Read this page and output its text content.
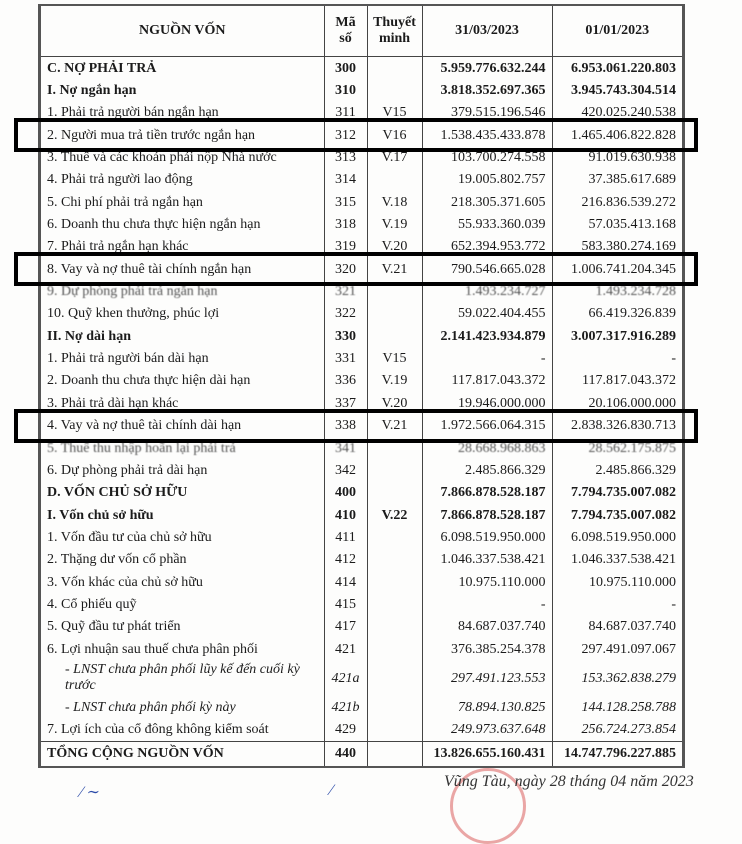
NGUỒN VỐN	Mã số	Thuyết minh	31/03/2023	01/01/2023
C. NỢ PHẢI TRẢ	300		5.959.776.632.244	6.953.061.220.803
I. Nợ ngắn hạn	310		3.818.352.697.365	3.945.743.304.514
1. Phải trả người bán ngắn hạn	311	V15	379.515.196.546	420.025.240.538
2. Người mua trả tiền trước ngắn hạn	312	V16	1.538.435.433.878	1.465.406.822.828
3. Thuế và các khoản phải nộp Nhà nước	313	V.17	103.700.274.558	91.019.630.938
4. Phải trả người lao động	314		19.005.802.757	37.385.617.689
5. Chi phí phải trả ngắn hạn	315	V.18	218.305.371.605	216.836.539.272
6. Doanh thu chưa thực hiện ngắn hạn	318	V.19	55.933.360.039	57.035.413.168
7. Phải trả ngắn hạn khác	319	V.20	652.394.953.772	583.380.274.169
8. Vay và nợ thuê tài chính ngắn hạn	320	V.21	790.546.665.028	1.006.741.204.345
9. Dự phòng phải trả ngắn hạn	321		1.493.234.727	1.493.234.728
10. Quỹ khen thưởng, phúc lợi	322		59.022.404.455	66.419.326.839
II. Nợ dài hạn	330		2.141.423.934.879	3.007.317.916.289
1. Phải trả người bán dài hạn	331	V15	-	-
2. Doanh thu chưa thực hiện dài hạn	336	V.19	117.817.043.372	117.817.043.372
3. Phải trả dài hạn khác	337	V.20	19.946.000.000	20.106.000.000
4. Vay và nợ thuê tài chính dài hạn	338	V.21	1.972.566.064.315	2.838.326.830.713
5. Thuế thu nhập hoãn lại phải trả	341		28.668.968.863	28.562.175.875
6. Dự phòng phải trả dài hạn	342		2.485.866.329	2.485.866.329
D. VỐN CHỦ SỞ HỮU	400		7.866.878.528.187	7.794.735.007.082
I. Vốn chủ sở hữu	410	V.22	7.866.878.528.187	7.794.735.007.082
1. Vốn đầu tư của chủ sở hữu	411		6.098.519.950.000	6.098.519.950.000
2. Thặng dư vốn cổ phần	412		1.046.337.538.421	1.046.337.538.421
3. Vốn khác của chủ sở hữu	414		10.975.110.000	10.975.110.000
4. Cổ phiếu quỹ	415		-	-
5. Quỹ đầu tư phát triển	417		84.687.037.740	84.687.037.740
6. Lợi nhuận sau thuế chưa phân phối	421		376.385.254.378	297.491.097.067
- LNST chưa phân phối lũy kế đến cuối kỳ trước	421a		297.491.123.553	153.362.838.279
- LNST chưa phân phối kỳ này	421b		78.894.130.825	144.128.258.788
7. Lợi ích của cổ đông không kiểm soát	429		249.973.637.648	256.724.273.854
TỔNG CỘNG NGUỒN VỐN	440		13.826.655.160.431	14.747.796.227.885
Vũng Tàu, ngày 28 tháng 04 năm 2023
⁄ ∼	⁄
